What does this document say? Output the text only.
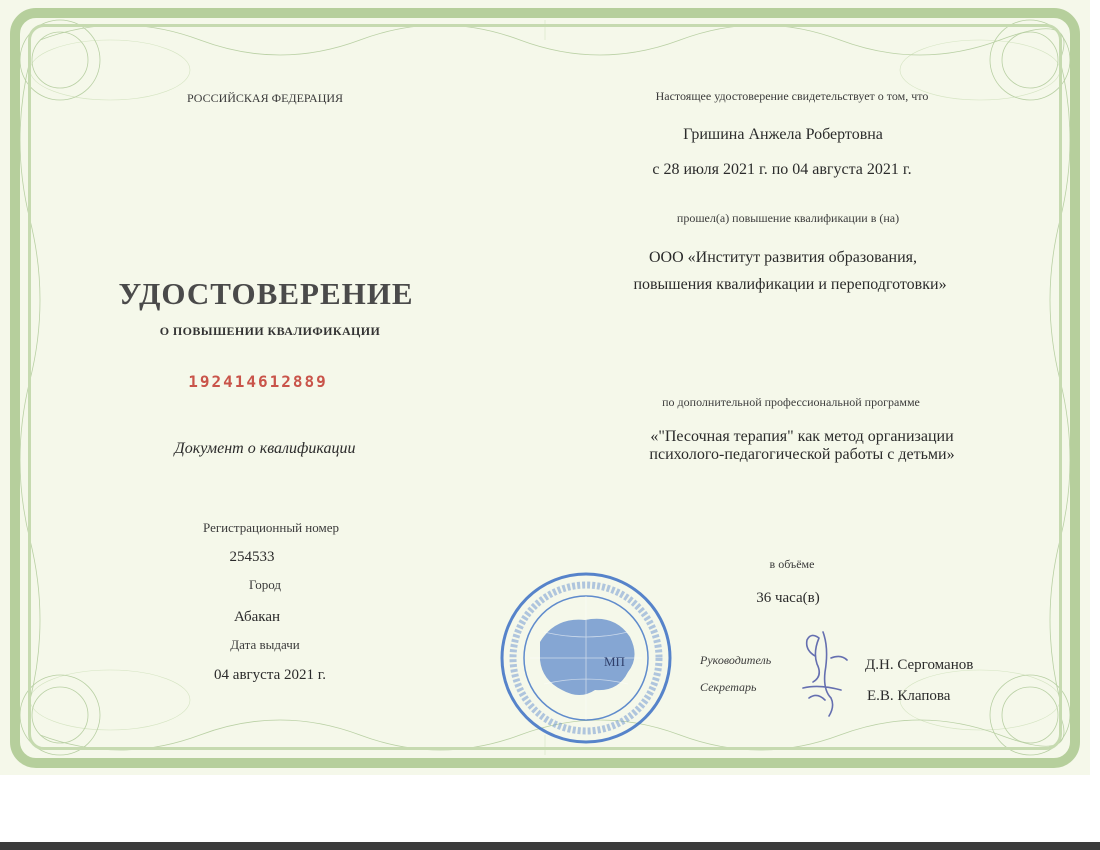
РОССИЙСКАЯ ФЕДЕРАЦИЯ
УДОСТОВЕРЕНИЕ
О ПОВЫШЕНИИ КВАЛИФИКАЦИИ
192414612889
Документ о квалификации
Регистрационный номер
254533
Город
Абакан
Дата выдачи
04 августа 2021 г.
Настоящее удостоверение свидетельствует о том, что
Гришина Анжела Робертовна
с 28 июля 2021 г. по 04 августа 2021 г.
прошел(а) повышение квалификации в (на)
ООО «Институт развития образования,
повышения квалификации и переподготовки»
по дополнительной профессиональной программе
«"Песочная терапия" как метод организации
психолого-педагогической работы с детьми»
в объёме
36 часа(в)
Руководитель	Д.Н. Сергоманов
Секретарь
Е.В. Клапова
МП
